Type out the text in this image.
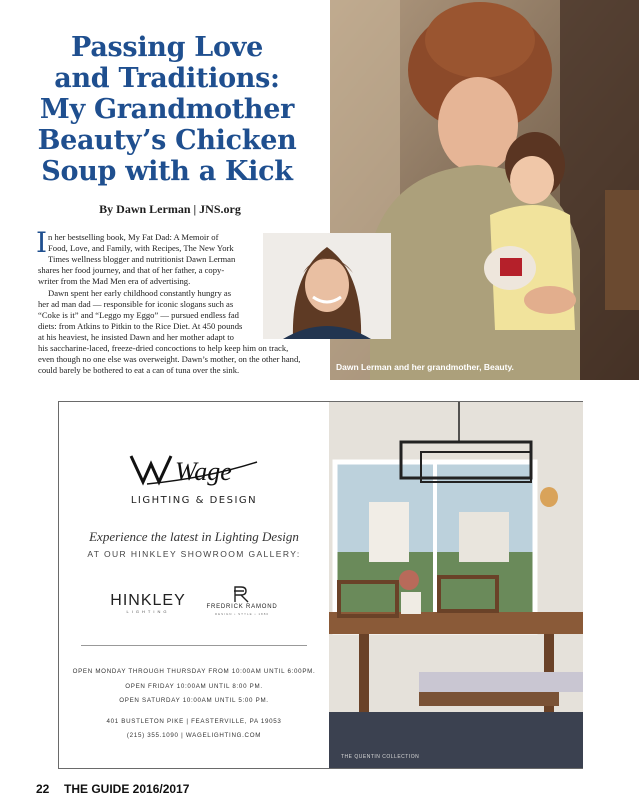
Passing Love
and Traditions:
My Grandmother
Beauty’s Chicken
Soup with a Kick
By Dawn Lerman | JNS.org
Dawn Lerman and her grandmother, Beauty.
I n her bestselling book, My Fat Dad: A Memoir of
Food, Love, and Family, with Recipes, The New York
Times wellness blogger and nutritionist Dawn Lerman
shares her food journey, and that of her father, a copy-
writer from the Mad Men era of advertising.
Dawn spent her early childhood constantly hungry as
her ad man dad — responsible for iconic slogans such as
“Coke is it” and “Leggo my Eggo” — pursued endless fad
diets: from Atkins to Pitkin to the Rice Diet. At 450 pounds
at his heaviest, he insisted Dawn and her mother adapt to
his saccharine-laced, freeze-dried concoctions to help keep him on track,
even though no one else was overweight. Dawn’s mother, on the other hand,
could barely be bothered to eat a can of tuna over the sink.
Wage
LIGHTING & DESIGN
Experience the latest in Lighting Design
AT OUR HINKLEY SHOWROOM GALLERY:
HINKLEY
LIGHTING
FREDRICK RAMOND
DESIGN • STYLE • 1880
OPEN MONDAY THROUGH THURSDAY FROM 10:00AM UNTIL 6:00PM.
OPEN FRIDAY 10:00AM UNTIL 8:00 PM.
OPEN SATURDAY 10:00AM UNTIL 5:00 PM.
401 BUSTLETON PIKE | FEASTERVILLE, PA 19053
(215) 355.1090 | WAGELIGHTING.COM
THE QUENTIN COLLECTION
22 THE GUIDE 2016/2017
